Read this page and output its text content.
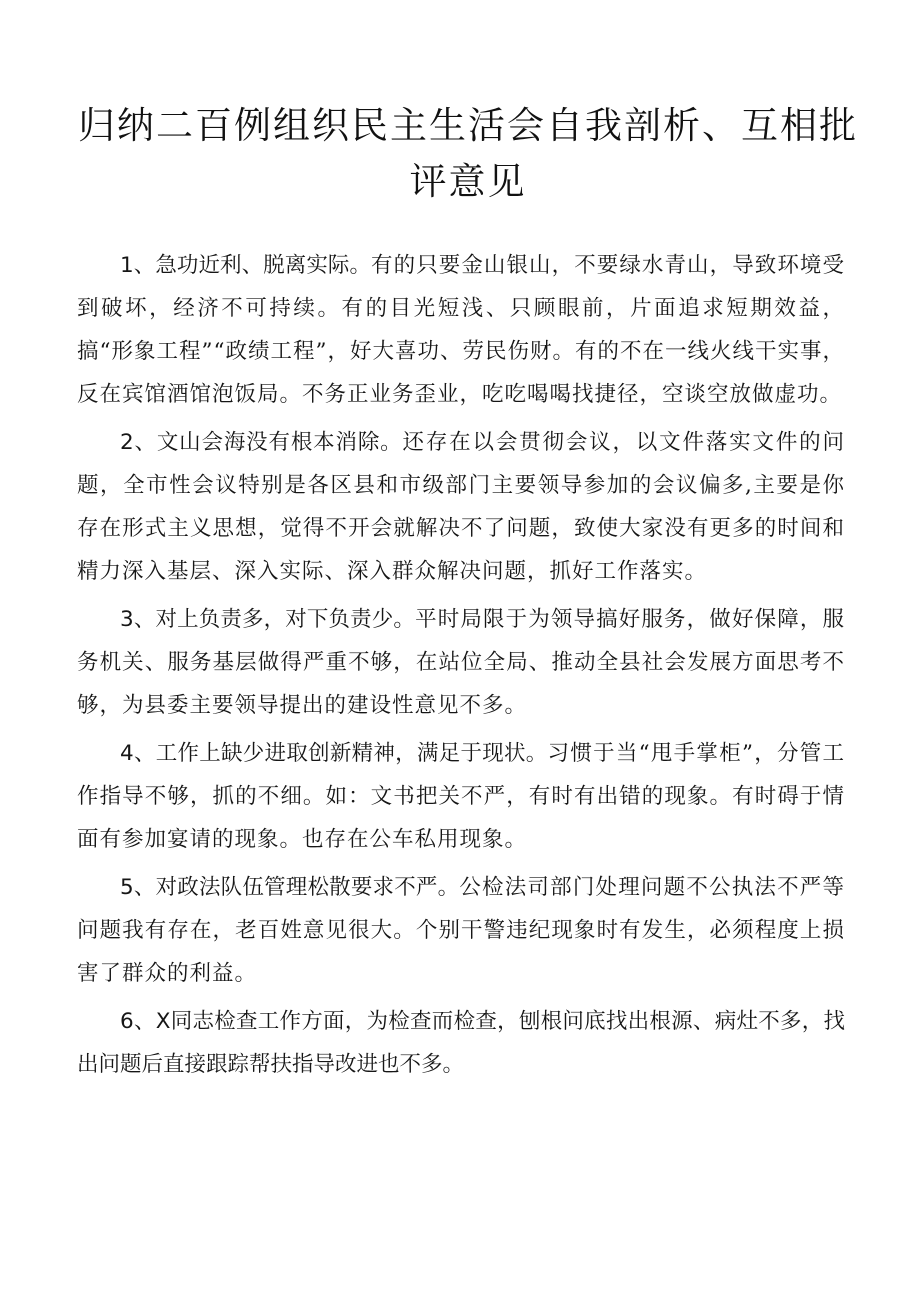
归纳二百例组织民主生活会自我剖析、互相批评意见

1、急功近利、脱离实际。有的只要金山银山，不要绿水青山，导致环境受到破坏，经济不可持续。有的目光短浅、只顾眼前，片面追求短期效益，搞“形象工程”“政绩工程”，好大喜功、劳民伤财。有的不在一线火线干实事，反在宾馆酒馆泡饭局。不务正业务歪业，吃吃喝喝找捷径，空谈空放做虚功。

2、文山会海没有根本消除。还存在以会贯彻会议，以文件落实文件的问题，全市性会议特别是各区县和市级部门主要领导参加的会议偏多,主要是你存在形式主义思想，觉得不开会就解决不了问题，致使大家没有更多的时间和精力深入基层、深入实际、深入群众解决问题，抓好工作落实。

3、对上负责多，对下负责少。平时局限于为领导搞好服务，做好保障，服务机关、服务基层做得严重不够，在站位全局、推动全县社会发展方面思考不够，为县委主要领导提出的建设性意见不多。

4、工作上缺少进取创新精神，满足于现状。习惯于当“甩手掌柜”，分管工作指导不够，抓的不细。如：文书把关不严，有时有出错的现象。有时碍于情面有参加宴请的现象。也存在公车私用现象。

5、对政法队伍管理松散要求不严。公检法司部门处理问题不公执法不严等问题我有存在，老百姓意见很大。个别干警违纪现象时有发生，必须程度上损害了群众的利益。

6、X同志检查工作方面，为检查而检查，刨根问底找出根源、病灶不多，找出问题后直接跟踪帮扶指导改进也不多。
